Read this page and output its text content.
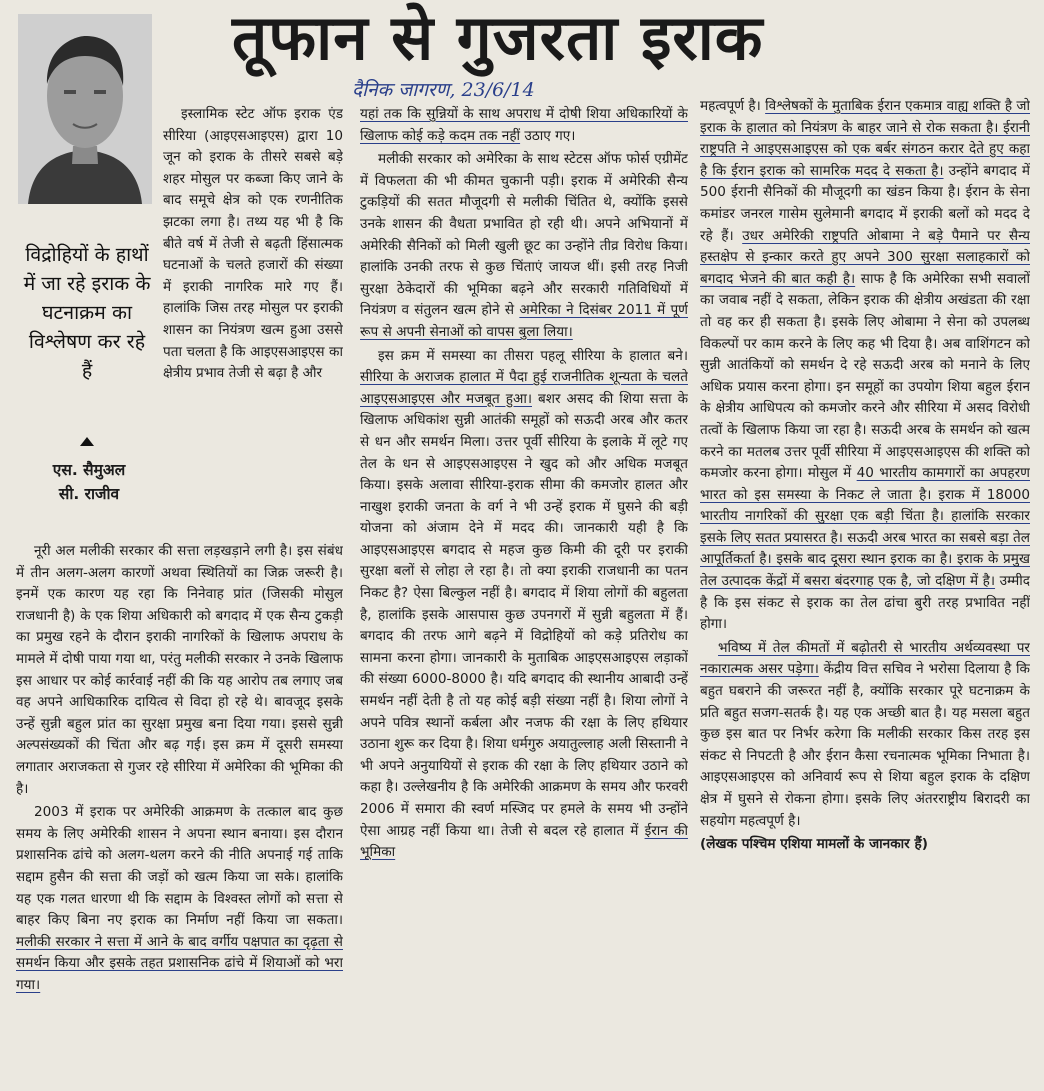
तूफान से गुजरता इराक
दैनिक जागरण, 23/6/14
विद्रोहियों के हाथों में जा रहे इराक के घटनाक्रम का विश्लेषण कर रहे हैं
एस. सैमुअल
सी. राजीव

इस्लामिक स्टेट ऑफ इराक एंड सीरिया (आइएसआइएस) द्वारा 10 जून को इराक के तीसरे सबसे बड़े शहर मोसुल पर कब्जा किए जाने के बाद समूचे क्षेत्र को एक रणनीतिक झटका लगा है। तथ्य यह भी है कि बीते वर्ष में तेजी से बढ़ती हिंसात्मक घटनाओं के चलते हजारों की संख्या में इराकी नागरिक मारे गए हैं। हालांकि जिस तरह मोसुल पर इराकी शासन का नियंत्रण खत्म हुआ उससे पता चलता है कि आइएसआइएस का क्षेत्रीय प्रभाव तेजी से बढ़ा है और

नूरी अल मलीकी सरकार की सत्ता लड़खड़ाने लगी है। इस संबंध में तीन अलग-अलग कारणों अथवा स्थितियों का जिक्र जरूरी है। इनमें एक कारण यह रहा कि निनेवाह प्रांत (जिसकी मोसुल राजधानी है) के एक शिया अधिकारी को बगदाद में एक सैन्य टुकड़ी का प्रमुख रहने के दौरान इराकी नागरिकों के खिलाफ अपराध के मामले में दोषी पाया गया था, परंतु मलीकी सरकार ने उनके खिलाफ इस आधार पर कोई कार्रवाई नहीं की कि यह आरोप तब लगाए जब वह अपने आधिकारिक दायित्व से विदा हो रहे थे। बावजूद इसके उन्हें सुन्नी बहुल प्रांत का सुरक्षा प्रमुख बना दिया गया। इससे सुन्नी अल्पसंख्यकों की चिंता और बढ़ गई। इस क्रम में दूसरी समस्या लगातार अराजकता से गुजर रहे सीरिया में अमेरिका की भूमिका की है।

2003 में इराक पर अमेरिकी आक्रमण के तत्काल बाद कुछ समय के लिए अमेरिकी शासन ने अपना स्थान बनाया। इस दौरान प्रशासनिक ढांचे को अलग-थलग करने की नीति अपनाई गई ताकि सद्दाम हुसैन की सत्ता की जड़ों को खत्म किया जा सके। हालांकि यह एक गलत धारणा थी कि सद्दाम के विश्वस्त लोगों को सत्ता से बाहर किए बिना नए इराक का निर्माण नहीं किया जा सकता। मलीकी सरकार ने सत्ता में आने के बाद वर्गीय पक्षपात का दृढ़ता से समर्थन किया और इसके तहत प्रशासनिक ढांचे में शियाओं को भरा गया।

यहां तक कि सुन्नियों के साथ अपराध में दोषी शिया अधिकारियों के खिलाफ कोई कड़े कदम तक नहीं उठाए गए।

मलीकी सरकार को अमेरिका के साथ स्टेटस ऑफ फोर्स एग्रीमेंट में विफलता की भी कीमत चुकानी पड़ी। इराक में अमेरिकी सैन्य टुकड़ियों की सतत मौजूदगी से मलीकी चिंतित थे, क्योंकि इससे उनके शासन की वैधता प्रभावित हो रही थी। अपने अभियानों में अमेरिकी सैनिकों को मिली खुली छूट का उन्होंने तीव्र विरोध किया। हालांकि उनकी तरफ से कुछ चिंताएं जायज थीं। इसी तरह निजी सुरक्षा ठेकेदारों की भूमिका बढ़ने और सरकारी गतिविधियों में नियंत्रण व संतुलन खत्म होने से अमेरिका ने दिसंबर 2011 में पूर्ण रूप से अपनी सेनाओं को वापस बुला लिया।

इस क्रम में समस्या का तीसरा पहलू सीरिया के हालात बने। सीरिया के अराजक हालात में पैदा हुई राजनीतिक शून्यता के चलते आइएसआइएस और मजबूत हुआ। बशर असद की शिया सत्ता के खिलाफ अधिकांश सुन्नी आतंकी समूहों को सऊदी अरब और कतर से धन और समर्थन मिला। उत्तर पूर्वी सीरिया के इलाके में लूटे गए तेल के धन से आइएसआइएस ने खुद को और अधिक मजबूत किया। इसके अलावा सीरिया-इराक सीमा की कमजोर हालत और नाखुश इराकी जनता के वर्ग ने भी उन्हें इराक में घुसने की बड़ी योजना को अंजाम देने में मदद की। जानकारी यही है कि आइएसआइएस बगदाद से महज कुछ किमी की दूरी पर इराकी सुरक्षा बलों से लोहा ले रहा है। तो क्या इराकी राजधानी का पतन निकट है? ऐसा बिल्कुल नहीं है। बगदाद में शिया लोगों की बहुलता है, हालांकि इसके आसपास कुछ उपनगरों में सुन्नी बहुलता में हैं। बगदाद की तरफ आगे बढ़ने में विद्रोहियों को कड़े प्रतिरोध का सामना करना होगा। जानकारी के मुताबिक आइएसआइएस लड़ाकों की संख्या 6000-8000 है। यदि बगदाद की स्थानीय आबादी उन्हें समर्थन नहीं देती है तो यह कोई बड़ी संख्या नहीं है। शिया लोगों ने अपने पवित्र स्थानों कर्बला और नजफ की रक्षा के लिए हथियार उठाना शुरू कर दिया है। शिया धर्मगुरु अयातुल्लाह अली सिस्तानी ने भी अपने अनुयायियों से इराक की रक्षा के लिए हथियार उठाने को कहा है। उल्लेखनीय है कि अमेरिकी आक्रमण के समय और फरवरी 2006 में समारा की स्वर्ण मस्जिद पर हमले के समय भी उन्होंने ऐसा आग्रह नहीं किया था। तेजी से बदल रहे हालात में ईरान की भूमिका

महत्वपूर्ण है। विश्लेषकों के मुताबिक ईरान एकमात्र वाह्य शक्ति है जो इराक के हालात को नियंत्रण के बाहर जाने से रोक सकता है। ईरानी राष्ट्रपति ने आइएसआइएस को एक बर्बर संगठन करार देते हुए कहा है कि ईरान इराक को सामरिक मदद दे सकता है। उन्होंने बगदाद में 500 ईरानी सैनिकों की मौजूदगी का खंडन किया है। ईरान के सेना कमांडर जनरल गासेम सुलेमानी बगदाद में इराकी बलों को मदद दे रहे हैं। उधर अमेरिकी राष्ट्रपति ओबामा ने बड़े पैमाने पर सैन्य हस्तक्षेप से इन्कार करते हुए अपने 300 सुरक्षा सलाहकारों को बगदाद भेजने की बात कही है। साफ है कि अमेरिका सभी सवालों का जवाब नहीं दे सकता, लेकिन इराक की क्षेत्रीय अखंडता की रक्षा तो वह कर ही सकता है। इसके लिए ओबामा ने सेना को उपलब्ध विकल्पों पर काम करने के लिए कह भी दिया है। अब वाशिंगटन को सुन्नी आतंकियों को समर्थन दे रहे सऊदी अरब को मनाने के लिए अधिक प्रयास करना होगा। इन समूहों का उपयोग शिया बहुल ईरान के क्षेत्रीय आधिपत्य को कमजोर करने और सीरिया में असद विरोधी तत्वों के खिलाफ किया जा रहा है। सऊदी अरब के समर्थन को खत्म करने का मतलब उत्तर पूर्वी सीरिया में आइएसआइएस की शक्ति को कमजोर करना होगा। मोसुल में 40 भारतीय कामगारों का अपहरण भारत को इस समस्या के निकट ले जाता है। इराक में 18000 भारतीय नागरिकों की सुरक्षा एक बड़ी चिंता है। हालांकि सरकार इसके लिए सतत प्रयासरत है। सऊदी अरब भारत का सबसे बड़ा तेल आपूर्तिकर्ता है। इसके बाद दूसरा स्थान इराक का है। इराक के प्रमुख तेल उत्पादक केंद्रों में बसरा बंदरगाह एक है, जो दक्षिण में है। उम्मीद है कि इस संकट से इराक का तेल ढांचा बुरी तरह प्रभावित नहीं होगा।

भविष्य में तेल कीमतों में बढ़ोतरी से भारतीय अर्थव्यवस्था पर नकारात्मक असर पड़ेगा। केंद्रीय वित्त सचिव ने भरोसा दिलाया है कि बहुत घबराने की जरूरत नहीं है, क्योंकि सरकार पूरे घटनाक्रम के प्रति बहुत सजग-सतर्क है। यह एक अच्छी बात है। यह मसला बहुत कुछ इस बात पर निर्भर करेगा कि मलीकी सरकार किस तरह इस संकट से निपटती है और ईरान कैसा रचनात्मक भूमिका निभाता है। आइएसआइएस को अनिवार्य रूप से शिया बहुल इराक के दक्षिण क्षेत्र में घुसने से रोकना होगा। इसके लिए अंतरराष्ट्रीय बिरादरी का सहयोग महत्वपूर्ण है।

(लेखक पश्चिम एशिया मामलों के जानकार हैं)
